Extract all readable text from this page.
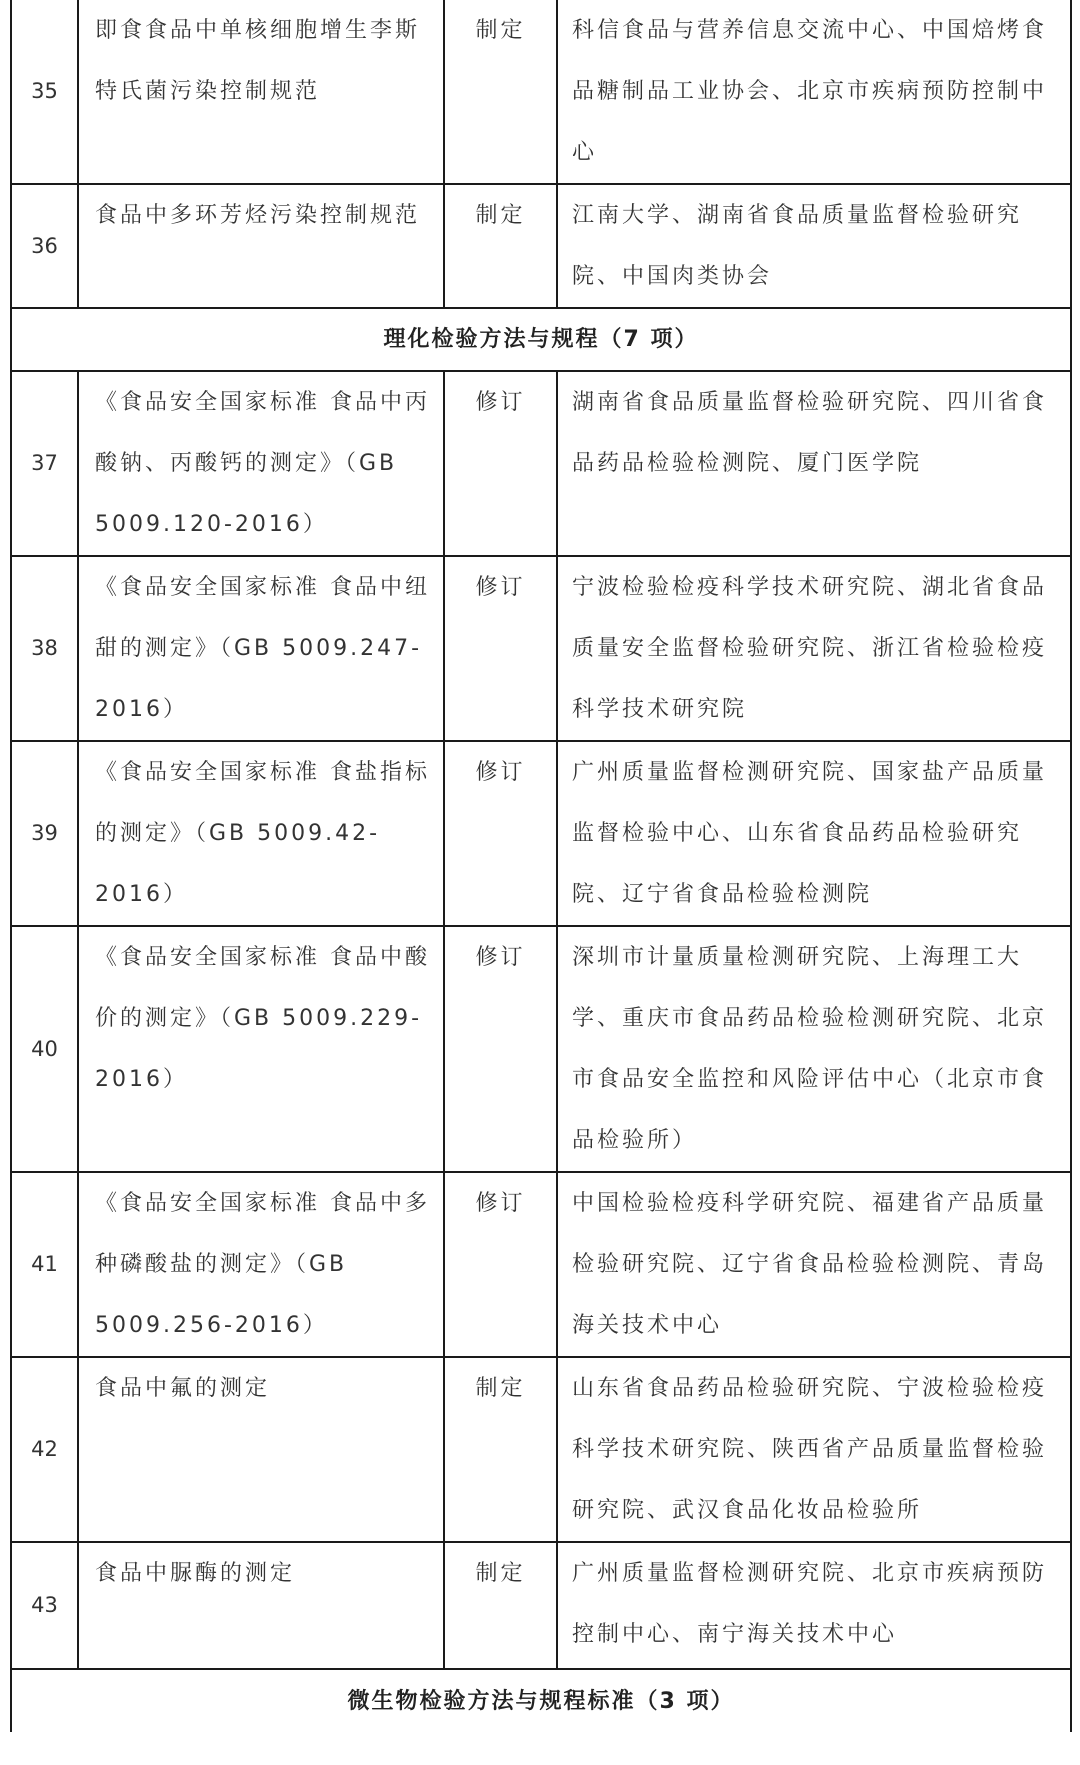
35	即食食品中单核细胞增生李斯特氏菌污染控制规范	制定	科信食品与营养信息交流中心、中国焙烤食品糖制品工业协会、北京市疾病预防控制中心

36	食品中多环芳烃污染控制规范	制定	江南大学、湖南省食品质量监督检验研究院、中国肉类协会

理化检验方法与规程（7 项）			
37	《食品安全国家标准 食品中丙酸钠、丙酸钙的测定》（GB 5009.120-2016）	修订	湖南省食品质量监督检验研究院、四川省食品药品检验检测院、厦门医学院

38	《食品安全国家标准 食品中纽甜的测定》（GB 5009.247-2016）	修订	宁波检验检疫科学技术研究院、湖北省食品质量安全监督检验研究院、浙江省检验检疫科学技术研究院

39	《食品安全国家标准 食盐指标的测定》（GB 5009.42-2016）	修订	广州质量监督检测研究院、国家盐产品质量监督检验中心、山东省食品药品检验研究院、辽宁省食品检验检测院

40	《食品安全国家标准 食品中酸价的测定》（GB 5009.229-2016）	修订	深圳市计量质量检测研究院、上海理工大学、重庆市食品药品检验检测研究院、北京市食品安全监控和风险评估中心（北京市食品检验所）

41	《食品安全国家标准 食品中多种磷酸盐的测定》（GB 5009.256-2016）	修订	中国检验检疫科学研究院、福建省产品质量检验研究院、辽宁省食品检验检测院、青岛海关技术中心

42	食品中氟的测定	制定	山东省食品药品检验研究院、宁波检验检疫科学技术研究院、陕西省产品质量监督检验研究院、武汉食品化妆品检验所

43	食品中脲酶的测定	制定	广州质量监督检测研究院、北京市疾病预防控制中心、南宁海关技术中心

微生物检验方法与规程标准（3 项）			
